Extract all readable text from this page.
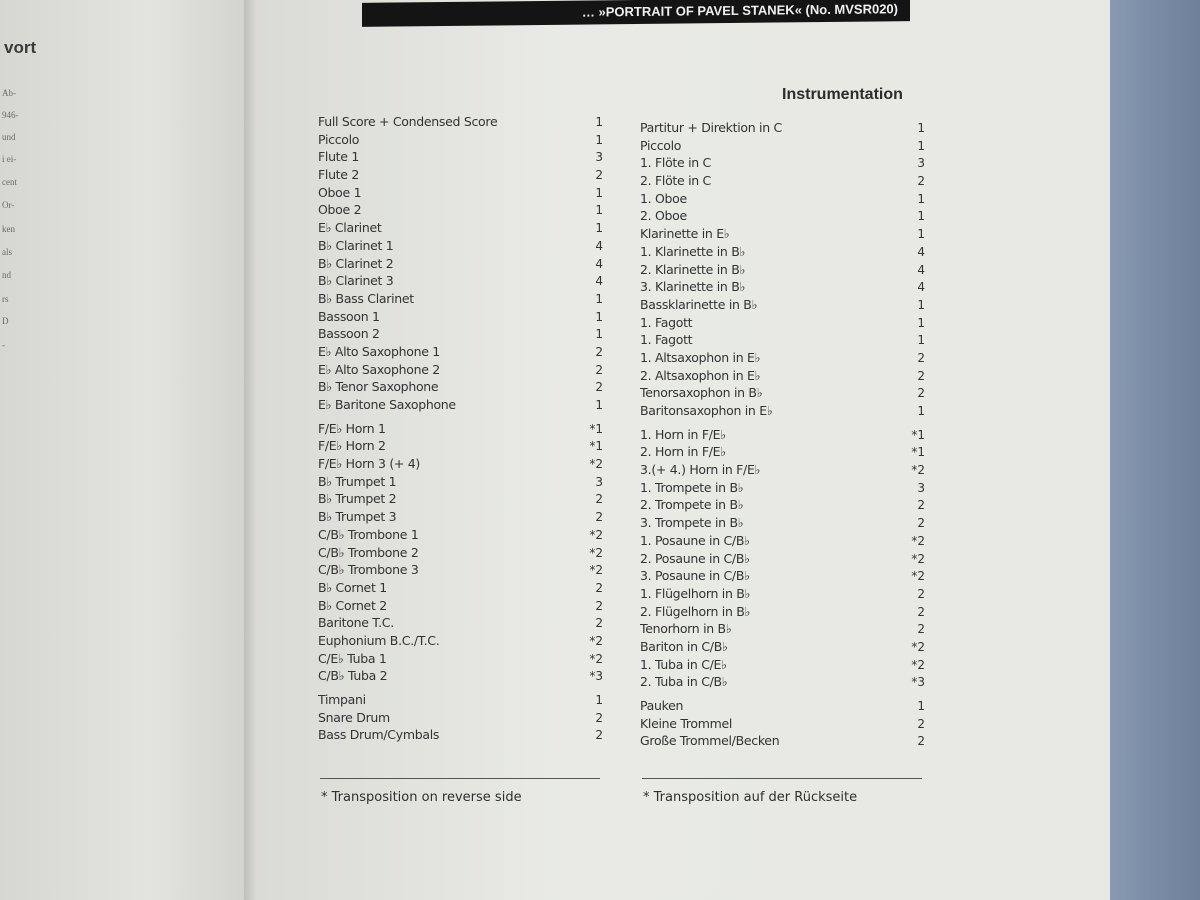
vort
Ab-
946-
und
i ei-
cent
Or-
ken
als
nd
rs
D
-
… »PORTRAIT OF PAVEL STANEK« (No. MVSR020)
Instrumentation
Full Score + Condensed Score	1
Piccolo	1
Flute 1	3
Flute 2	2
Oboe 1	1
Oboe 2	1
E♭ Clarinet	1
B♭ Clarinet 1	4
B♭ Clarinet 2	4
B♭ Clarinet 3	4
B♭ Bass Clarinet	1
Bassoon 1	1
Bassoon 2	1
E♭ Alto Saxophone 1	2
E♭ Alto Saxophone 2	2
B♭ Tenor Saxophone	2
E♭ Baritone Saxophone	1
F/E♭ Horn 1	*1
F/E♭ Horn 2	*1
F/E♭ Horn 3 (+ 4)	*2
B♭ Trumpet 1	3
B♭ Trumpet 2	2
B♭ Trumpet 3	2
C/B♭ Trombone 1	*2
C/B♭ Trombone 2	*2
C/B♭ Trombone 3	*2
B♭ Cornet 1	2
B♭ Cornet 2	2
Baritone T.C.	2
Euphonium B.C./T.C.	*2
C/E♭ Tuba 1	*2
C/B♭ Tuba 2	*3
Timpani	1
Snare Drum	2
Bass Drum/Cymbals	2
Partitur + Direktion in C	1
Piccolo	1
1. Flöte in C	3
2. Flöte in C	2
1. Oboe	1
2. Oboe	1
Klarinette in E♭	1
1. Klarinette in B♭	4
2. Klarinette in B♭	4
3. Klarinette in B♭	4
Bassklarinette in B♭	1
1. Fagott	1
1. Fagott	1
1. Altsaxophon in E♭	2
2. Altsaxophon in E♭	2
Tenorsaxophon in B♭	2
Baritonsaxophon in E♭	1
1. Horn in F/E♭	*1
2. Horn in F/E♭	*1
3.(+ 4.) Horn in F/E♭	*2
1. Trompete in B♭	3
2. Trompete in B♭	2
3. Trompete in B♭	2
1. Posaune in C/B♭	*2
2. Posaune in C/B♭	*2
3. Posaune in C/B♭	*2
1. Flügelhorn in B♭	2
2. Flügelhorn in B♭	2
Tenorhorn in B♭	2
Bariton in C/B♭	*2
1. Tuba in C/E♭	*2
2. Tuba in C/B♭	*3
Pauken	1
Kleine Trommel	2
Große Trommel/Becken	2
* Transposition on reverse side	* Transposition auf der Rückseite
